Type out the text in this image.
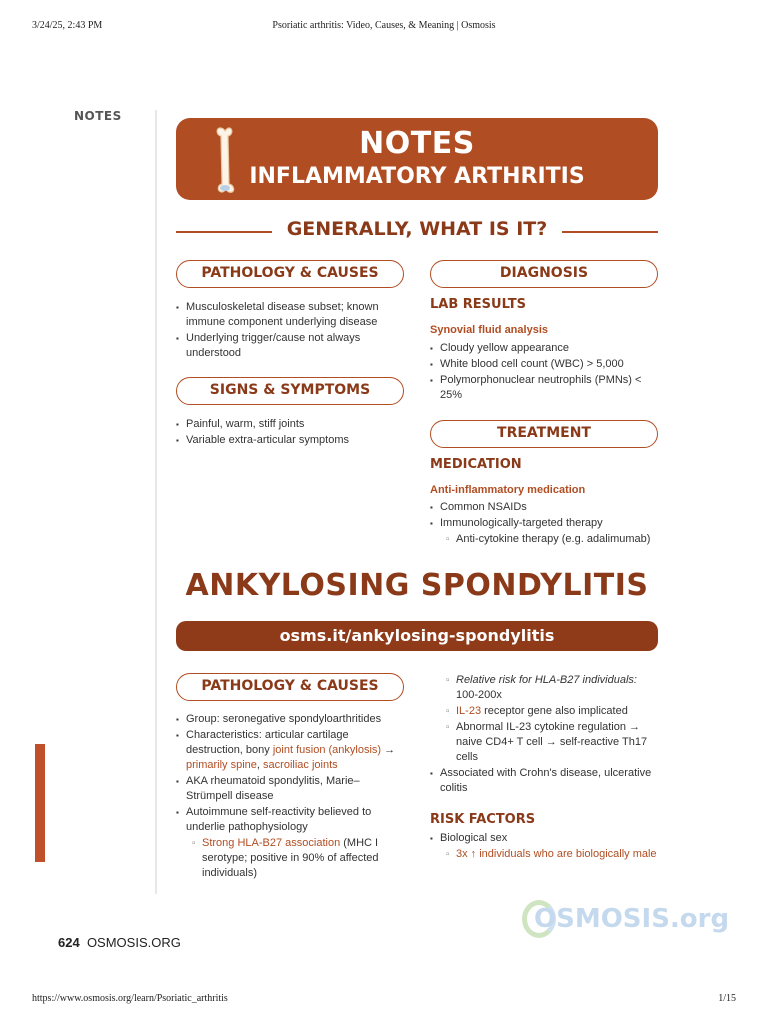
3/24/25, 2:43 PM	Psoriatic arthritis: Video, Causes, & Meaning | Osmosis
https://www.osmosis.org/learn/Psoriatic_arthritis	1/15
NOTES
NOTES
INFLAMMATORY ARTHRITIS
GENERALLY, WHAT IS IT?
PATHOLOGY & CAUSES
▪ Musculoskeletal disease subset; known immune component underlying disease
▪ Underlying trigger/cause not always understood
SIGNS & SYMPTOMS
▪ Painful, warm, stiff joints
▪ Variable extra-articular symptoms
DIAGNOSIS
LAB RESULTS
Synovial fluid analysis
▪ Cloudy yellow appearance
▪ White blood cell count (WBC) > 5,000
▪ Polymorphonuclear neutrophils (PMNs) < 25%
TREATMENT
MEDICATION
Anti-inflammatory medication
▪ Common NSAIDs
▪ Immunologically-targeted therapy
▫ Anti-cytokine therapy (e.g. adalimumab)
ANKYLOSING SPONDYLITIS
osms.it/ankylosing-spondylitis
PATHOLOGY & CAUSES
▪ Group: seronegative spondyloarthritides
▪ Characteristics: articular cartilage destruction, bony joint fusion (ankylosis) → primarily spine, sacroiliac joints
▪ AKA rheumatoid spondylitis, Marie–Strümpell disease
▪ Autoimmune self-reactivity believed to underlie pathophysiology
▫ Strong HLA-B27 association (MHC I serotype; positive in 90% of affected individuals)
▫ Relative risk for HLA-B27 individuals: 100-200x
▫ IL-23 receptor gene also implicated
▫ Abnormal IL-23 cytokine regulation → naive CD4+ T cell → self-reactive Th17 cells
▪ Associated with Crohn's disease, ulcerative colitis
RISK FACTORS
▪ Biological sex
▫ 3x ↑ individuals who are biologically male
624 OSMOSIS.ORG
OSMOSIS.org
